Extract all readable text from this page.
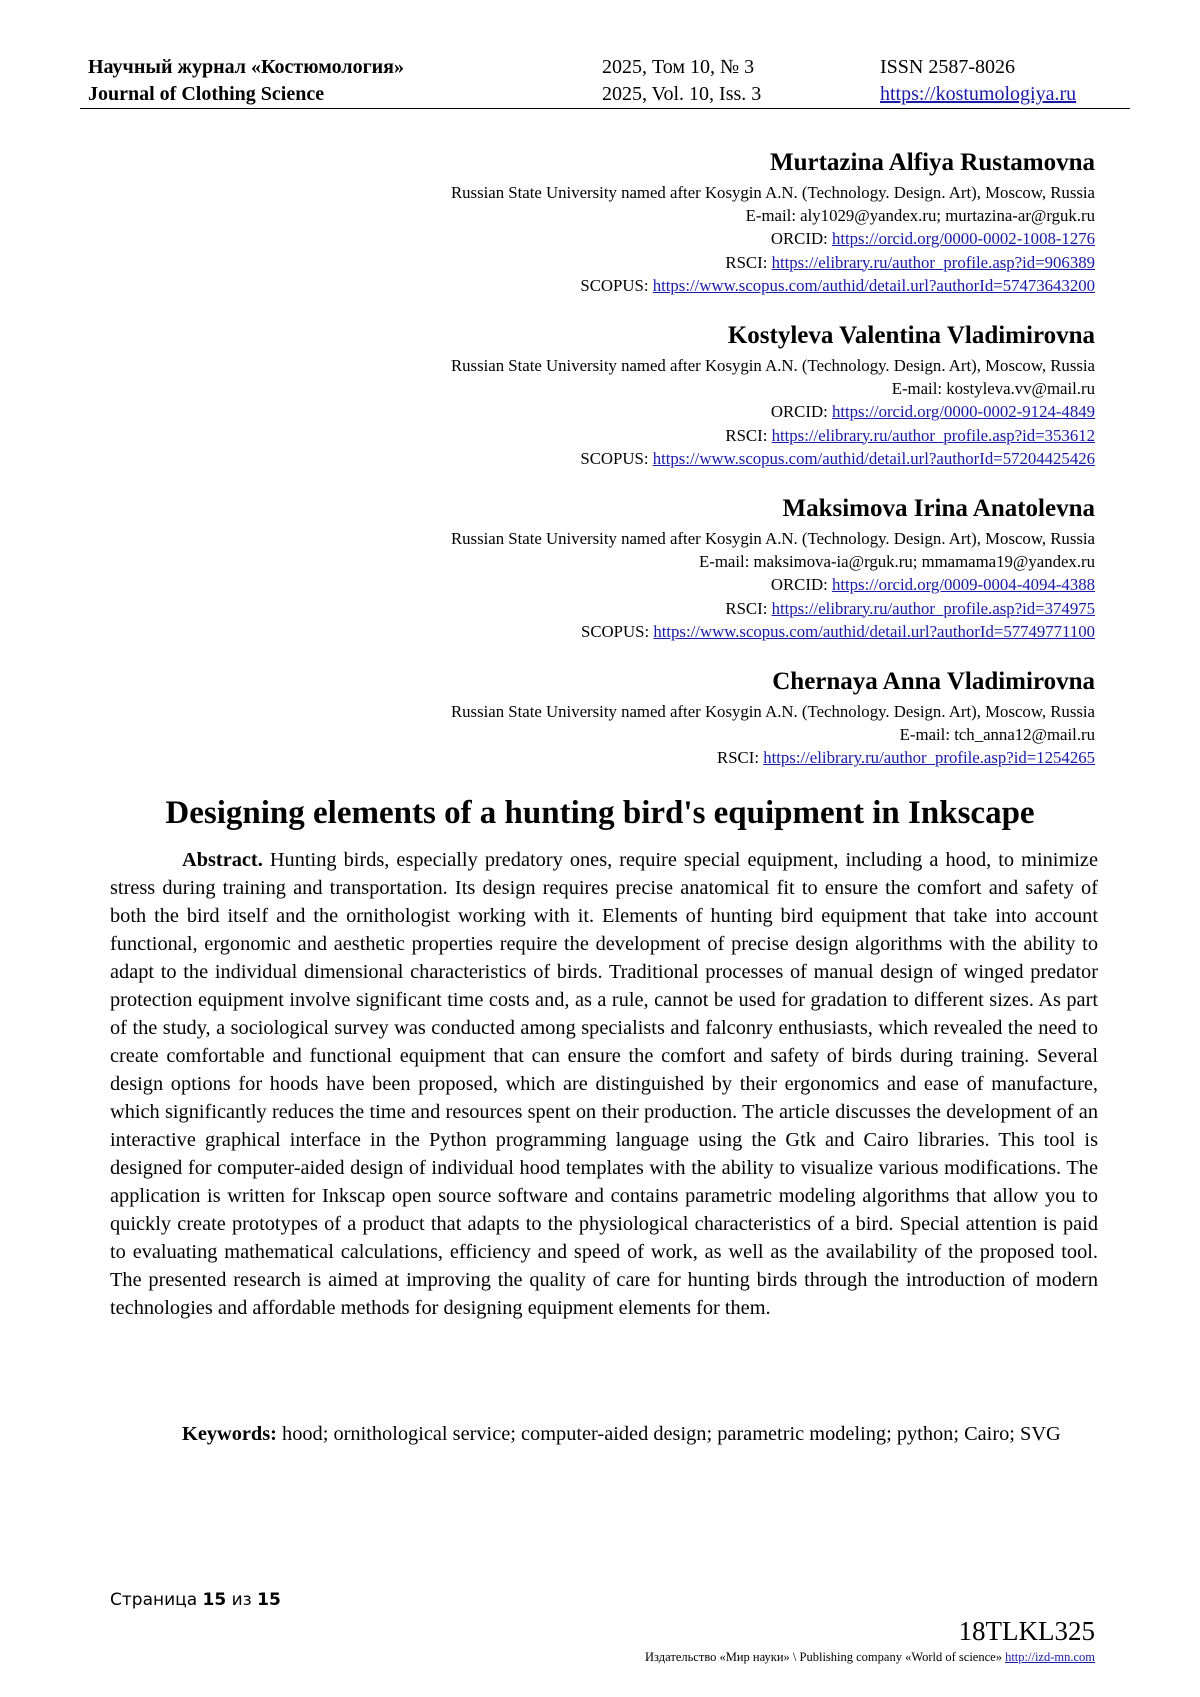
Научный журнал «Костюмология»
Journal of Clothing Science
2025, Том 10, № 3
2025, Vol. 10, Iss. 3
ISSN 2587-8026
https://kostumologiya.ru
Murtazina Alfiya Rustamovna
Russian State University named after Kosygin A.N. (Technology. Design. Art), Moscow, Russia
E-mail: aly1029@yandex.ru; murtazina-ar@rguk.ru
ORCID: https://orcid.org/0000-0002-1008-1276
RSCI: https://elibrary.ru/author_profile.asp?id=906389
SCOPUS: https://www.scopus.com/authid/detail.url?authorId=57473643200
Kostyleva Valentina Vladimirovna
Russian State University named after Kosygin A.N. (Technology. Design. Art), Moscow, Russia
E-mail: kostyleva.vv@mail.ru
ORCID: https://orcid.org/0000-0002-9124-4849
RSCI: https://elibrary.ru/author_profile.asp?id=353612
SCOPUS: https://www.scopus.com/authid/detail.url?authorId=57204425426
Maksimova Irina Anatolevna
Russian State University named after Kosygin A.N. (Technology. Design. Art), Moscow, Russia
E-mail: maksimova-ia@rguk.ru; mmamama19@yandex.ru
ORCID: https://orcid.org/0009-0004-4094-4388
RSCI: https://elibrary.ru/author_profile.asp?id=374975
SCOPUS: https://www.scopus.com/authid/detail.url?authorId=57749771100
Chernaya Anna Vladimirovna
Russian State University named after Kosygin A.N. (Technology. Design. Art), Moscow, Russia
E-mail: tch_anna12@mail.ru
RSCI: https://elibrary.ru/author_profile.asp?id=1254265
Designing elements of a hunting bird's equipment in Inkscape

Abstract. Hunting birds, especially predatory ones, require special equipment, including a hood, to minimize stress during training and transportation. Its design requires precise anatomical fit to ensure the comfort and safety of both the bird itself and the ornithologist working with it. Elements of hunting bird equipment that take into account functional, ergonomic and aesthetic properties require the development of precise design algorithms with the ability to adapt to the individual dimensional characteristics of birds. Traditional processes of manual design of winged predator protection equipment involve significant time costs and, as a rule, cannot be used for gradation to different sizes. As part of the study, a sociological survey was conducted among specialists and falconry enthusiasts, which revealed the need to create comfortable and functional equipment that can ensure the comfort and safety of birds during training. Several design options for hoods have been proposed, which are distinguished by their ergonomics and ease of manufacture, which significantly reduces the time and resources spent on their production. The article discusses the development of an interactive graphical interface in the Python programming language using the Gtk and Cairo libraries. This tool is designed for computer-aided design of individual hood templates with the ability to visualize various modifications. The application is written for Inkscap open source software and contains parametric modeling algorithms that allow you to quickly create prototypes of a product that adapts to the physiological characteristics of a bird. Special attention is paid to evaluating mathematical calculations, efficiency and speed of work, as well as the availability of the proposed tool. The presented research is aimed at improving the quality of care for hunting birds through the introduction of modern technologies and affordable methods for designing equipment elements for them.

Keywords: hood; ornithological service; computer-aided design; parametric modeling; python; Cairo; SVG

Страница 15 из 15
18TLKL325
Издательство «Мир науки» \ Publishing company «World of science» http://izd-mn.com
